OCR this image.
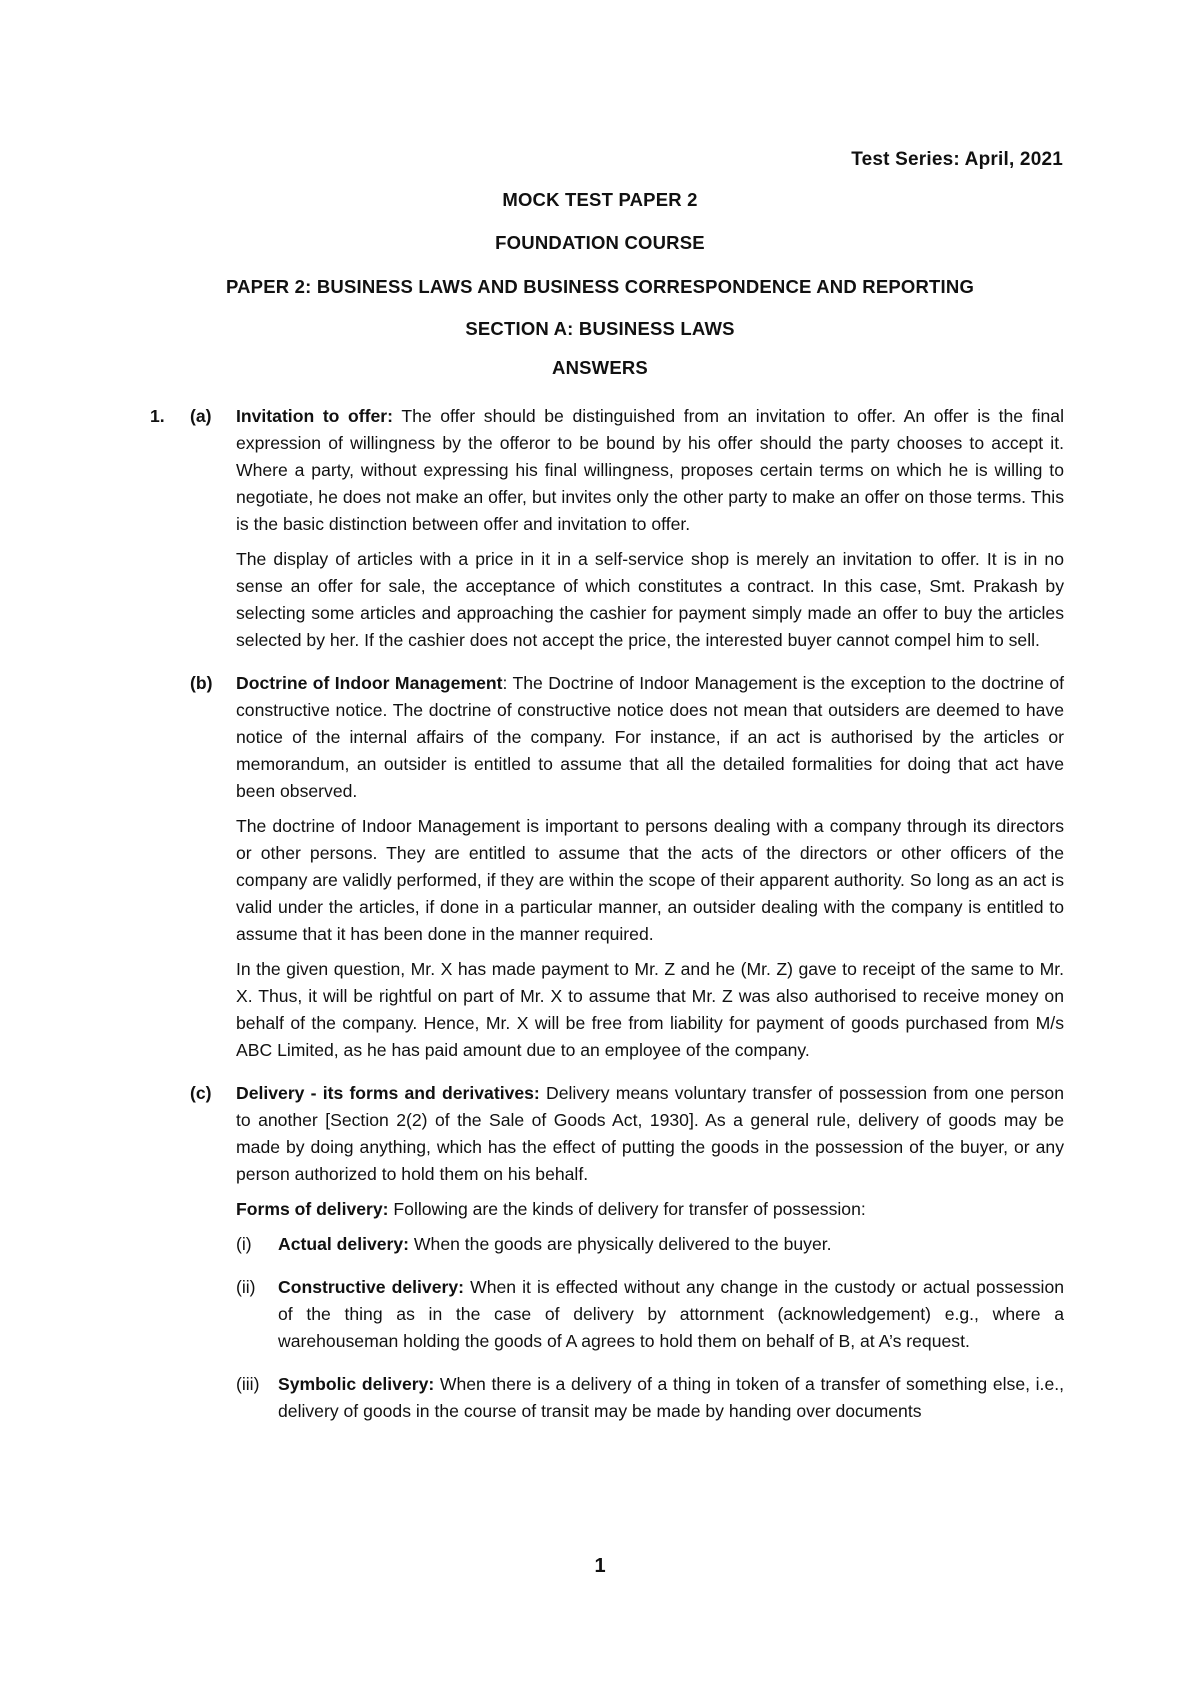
Test Series: April, 2021
MOCK TEST PAPER 2
FOUNDATION COURSE
PAPER 2: BUSINESS LAWS AND BUSINESS CORRESPONDENCE AND REPORTING
SECTION A: BUSINESS LAWS
ANSWERS
1.	(a)	Invitation to offer: The offer should be distinguished from an invitation to offer. An offer is the final expression of willingness by the offeror to be bound by his offer should the party chooses to accept it. Where a party, without expressing his final willingness, proposes certain terms on which he is willing to negotiate, he does not make an offer, but invites only the other party to make an offer on those terms. This is the basic distinction between offer and invitation to offer.

The display of articles with a price in it in a self-service shop is merely an invitation to offer. It is in no sense an offer for sale, the acceptance of which constitutes a contract. In this case, Smt. Prakash by selecting some articles and approaching the cashier for payment simply made an offer to buy the articles selected by her. If the cashier does not accept the price, the interested buyer cannot compel him to sell.

(b)	Doctrine of Indoor Management: The Doctrine of Indoor Management is the exception to the doctrine of constructive notice. The doctrine of constructive notice does not mean that outsiders are deemed to have notice of the internal affairs of the company. For instance, if an act is authorised by the articles or memorandum, an outsider is entitled to assume that all the detailed formalities for doing that act have been observed.

The doctrine of Indoor Management is important to persons dealing with a company through its directors or other persons. They are entitled to assume that the acts of the directors or other officers of the company are validly performed, if they are within the scope of their apparent authority. So long as an act is valid under the articles, if done in a particular manner, an outsider dealing with the company is entitled to assume that it has been done in the manner required.

In the given question, Mr. X has made payment to Mr. Z and he (Mr. Z) gave to receipt of the same to Mr. X. Thus, it will be rightful on part of Mr. X to assume that Mr. Z was also authorised to receive money on behalf of the company. Hence, Mr. X will be free from liability for payment of goods purchased from M/s ABC Limited, as he has paid amount due to an employee of the company.

(c)	Delivery - its forms and derivatives: Delivery means voluntary transfer of possession from one person to another [Section 2(2) of the Sale of Goods Act, 1930]. As a general rule, delivery of goods may be made by doing anything, which has the effect of putting the goods in the possession of the buyer, or any person authorized to hold them on his behalf.

Forms of delivery: Following are the kinds of delivery for transfer of possession:

(i)	Actual delivery: When the goods are physically delivered to the buyer.
(ii)	Constructive delivery: When it is effected without any change in the custody or actual possession of the thing as in the case of delivery by attornment (acknowledgement) e.g., where a warehouseman holding the goods of A agrees to hold them on behalf of B, at A’s request.
(iii)	Symbolic delivery: When there is a delivery of a thing in token of a transfer of something else, i.e., delivery of goods in the course of transit may be made by handing over documents
1
